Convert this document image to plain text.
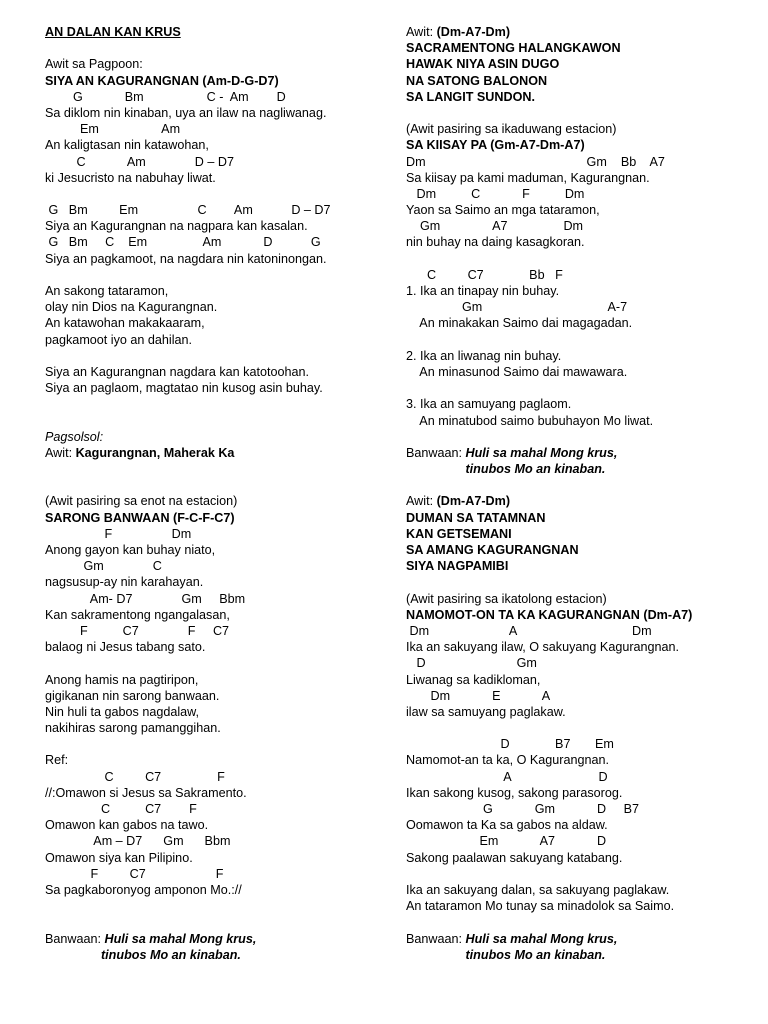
AN DALAN KAN KRUS
Awit sa Pagpoon:
SIYA AN KAGURANGNAN (Am-D-G-D7)
G            Bm                  C -  Am        D
Sa diklom nin kinaban, uya an ilaw na nagliwanag.
Em                  Am
An kaligtasan nin katawohan,
C            Am              D – D7
ki Jesucristo na nabuhay liwat.
G   Bm         Em                 C        Am           D – D7
Siya an Kagurangnan na nagpara kan kasalan.
G   Bm     C    Em                Am            D           G
Siya an pagkamoot, na nagdara nin katoninongan.
An sakong tataramon,
olay nin Dios na Kagurangnan.
An katawohan makakaaram,
pagkamoot iyo an dahilan.
Siya an Kagurangnan nagdara kan katotoohan.
Siya an paglaom, magtatao nin kusog asin buhay.
Pagsolsol:
Awit: Kagurangnan, Maherak Ka
(Awit pasiring sa enot na estacion)
SARONG BANWAAN (F-C-F-C7)
F                 Dm
Anong gayon kan buhay niato,
Gm              C
nagsusup-ay nin karahayan.
Am- D7              Gm     Bbm
Kan sakramentong ngangalasan,
F          C7              F     C7
balaog ni Jesus tabang sato.
Anong hamis na pagtiripon,
gigikanan nin sarong banwaan.
Nin huli ta gabos nagdalaw,
nakihiras sarong pamanggihan.
Ref:
C         C7                F
//:Omawon si Jesus sa Sakramento.
C          C7        F
Omawon kan gabos na tawo.
Am – D7      Gm      Bbm
Omawon siya kan Pilipino.
F         C7                    F
Sa pagkaboronyog amponon Mo.://
Banwaan: Huli sa mahal Mong krus,
tinubos Mo an kinaban.
Awit: (Dm-A7-Dm)
SACRAMENTONG HALANGKAWON
HAWAK NIYA ASIN DUGO
NA SATONG BALONON
SA LANGIT SUNDON.
(Awit pasiring sa ikaduwang estacion)
SA KIISAY PA (Gm-A7-Dm-A7)
Dm                                              Gm    Bb    A7
Sa kiisay pa kami maduman, Kagurangnan.
Dm          C            F          Dm
Yaon sa Saimo an mga tataramon,
Gm               A7                Dm
nin buhay na daing kasagkoran.
C         C7             Bb   F
1. Ika an tinapay nin buhay.
Gm                                    A-7
An minakakan Saimo dai magagadan.
2. Ika an liwanag nin buhay.
An minasunod Saimo dai mawawara.
3. Ika an samuyang paglaom.
An minatubod saimo bubuhayon Mo liwat.
Banwaan: Huli sa mahal Mong krus,
tinubos Mo an kinaban.
Awit: (Dm-A7-Dm)
DUMAN SA TATAMNAN
KAN GETSEMANI
SA AMANG KAGURANGNAN
SIYA NAGPAMIBI
(Awit pasiring sa ikatolong estacion)
NAMOMOT-ON TA KA KAGURANGNAN (Dm-A7)
Dm                       A                                 Dm
Ika an sakuyang ilaw, O sakuyang Kagurangnan.
D                          Gm
Liwanag sa kadikloman,
Dm            E            A
ilaw sa samuyang paglakaw.
D             B7       Em
Namomot-an ta ka, O Kagurangnan.
A                         D
Ikan sakong kusog, sakong parasorog.
G            Gm            D     B7
Oomawon ta Ka sa gabos na aldaw.
Em            A7            D
Sakong paalawan sakuyang katabang.
Ika an sakuyang dalan, sa sakuyang paglakaw.
An tataramon Mo tunay sa minadolok sa Saimo.
Banwaan: Huli sa mahal Mong krus,
tinubos Mo an kinaban.
